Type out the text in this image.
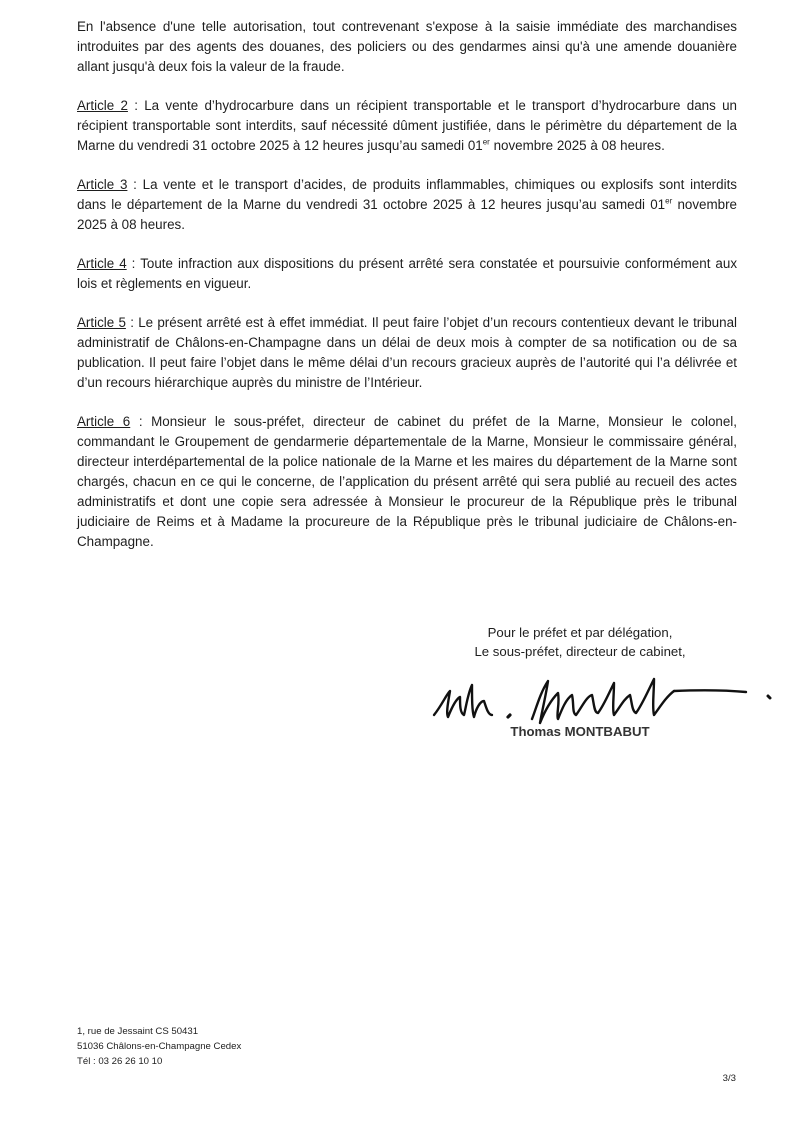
En l'absence d'une telle autorisation, tout contrevenant s'expose à la saisie immédiate des marchandises introduites par des agents des douanes, des policiers ou des gendarmes ainsi qu'à une amende douanière allant jusqu'à deux fois la valeur de la fraude.

Article 2 : La vente d’hydrocarbure dans un récipient transportable et le transport d’hydrocarbure dans un récipient transportable sont interdits, sauf nécessité dûment justifiée, dans le périmètre du département de la Marne du vendredi 31 octobre 2025 à 12 heures jusqu’au samedi 01er novembre 2025 à 08 heures.

Article 3 : La vente et le transport d’acides, de produits inflammables, chimiques ou explosifs sont interdits dans le département de la Marne du vendredi 31 octobre 2025 à 12 heures jusqu’au samedi 01er novembre 2025 à 08 heures.

Article 4 : Toute infraction aux dispositions du présent arrêté sera constatée et poursuivie conformément aux lois et règlements en vigueur.

Article 5 : Le présent arrêté est à effet immédiat. Il peut faire l’objet d’un recours contentieux devant le tribunal administratif de Châlons-en-Champagne dans un délai de deux mois à compter de sa notification ou de sa publication. Il peut faire l’objet dans le même délai d’un recours gracieux auprès de l’autorité qui l’a délivrée et d’un recours hiérarchique auprès du ministre de l’Intérieur.

Article 6 : Monsieur le sous-préfet, directeur de cabinet du préfet de la Marne, Monsieur le colonel, commandant le Groupement de gendarmerie départementale de la Marne, Monsieur le commissaire général, directeur interdépartemental de la police nationale de la Marne et les maires du département de la Marne sont chargés, chacun en ce qui le concerne, de l’application du présent arrêté qui sera publié au recueil des actes administratifs et dont une copie sera adressée à Monsieur le procureur de la République près le tribunal judiciaire de Reims et à Madame la procureure de la République près le tribunal judiciaire de Châlons-en-Champagne.

Pour le préfet et par délégation,
Le sous-préfet, directeur de cabinet,
Thomas MONTBABUT
1, rue de Jessaint CS 50431
51036 Châlons-en-Champagne Cedex
Tél : 03 26 26 10 10
3/3
